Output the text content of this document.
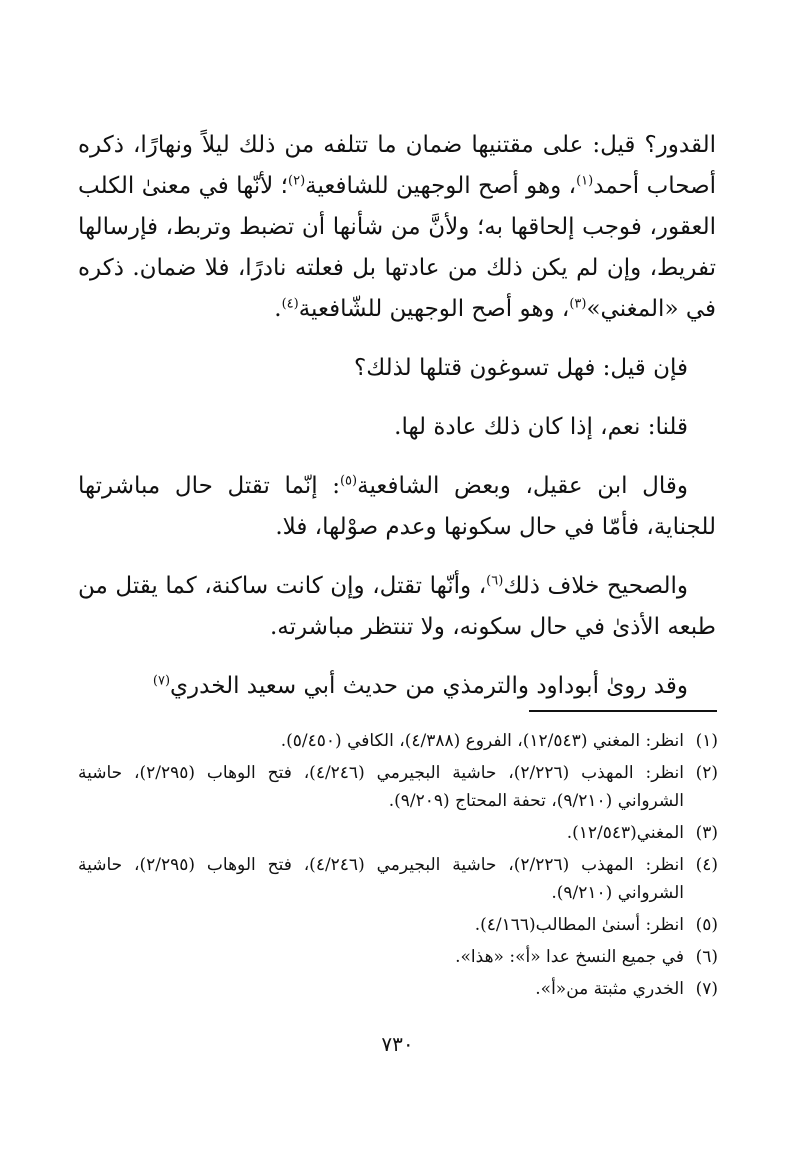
القدور؟ قيل: على مقتنيها ضمان ما تتلفه من ذلك ليلاً ونهارًا، ذكره أصحاب أحمد$^{(١)}$، وهو أصح الوجهين للشافعية$^{(٢)}$؛ لأنّها في معنىٰ الكلب العقور، فوجب إلحاقها به؛ ولأنَّ من شأنها أن تضبط وتربط، فإرسالها تفريط، وإن لم يكن ذلك من عادتها بل فعلته نادرًا، فلا ضمان. ذكره في «المغني»$^{(٣)}$، وهو أصح الوجهين للشّافعية$^{(٤)}$.

فإن قيل: فهل تسوغون قتلها لذلك؟

قلنا: نعم، إذا كان ذلك عادة لها.

وقال ابن عقيل، وبعض الشافعية$^{(٥)}$: إنّما تقتل حال مباشرتها للجناية، فأمّا في حال سكونها وعدم صوْلها، فلا.

والصحيح خلاف ذلك$^{(٦)}$، وأنّها تقتل، وإن كانت ساكنة، كما يقتل من طبعه الأذىٰ في حال سكونه، ولا تنتظر مباشرته.

وقد روىٰ أبوداود والترمذي من حديث أبي سعيد الخدري$^{(٧)}$

(١)
انظر: المغني (١٢/٥٤٣)، الفروع (٤/٣٨٨)، الكافي (٥/٤٥٠).
(٢)
انظر: المهذب (٢/٢٢٦)، حاشية البجيرمي (٤/٢٤٦)، فتح الوهاب (٢/٢٩٥)، حاشية الشرواني (٩/٢١٠)، تحفة المحتاج (٩/٢٠٩).
(٣)
المغني(١٢/٥٤٣).
(٤)
انظر: المهذب (٢/٢٢٦)، حاشية البجيرمي (٤/٢٤٦)، فتح الوهاب (٢/٢٩٥)، حاشية الشرواني (٩/٢١٠).
(٥)
انظر: أسنىٰ المطالب(٤/١٦٦).
(٦)
في جميع النسخ عدا «أ»: «هذا».
(٧)
الخدري مثبتة من«أ».
٧٣٠
